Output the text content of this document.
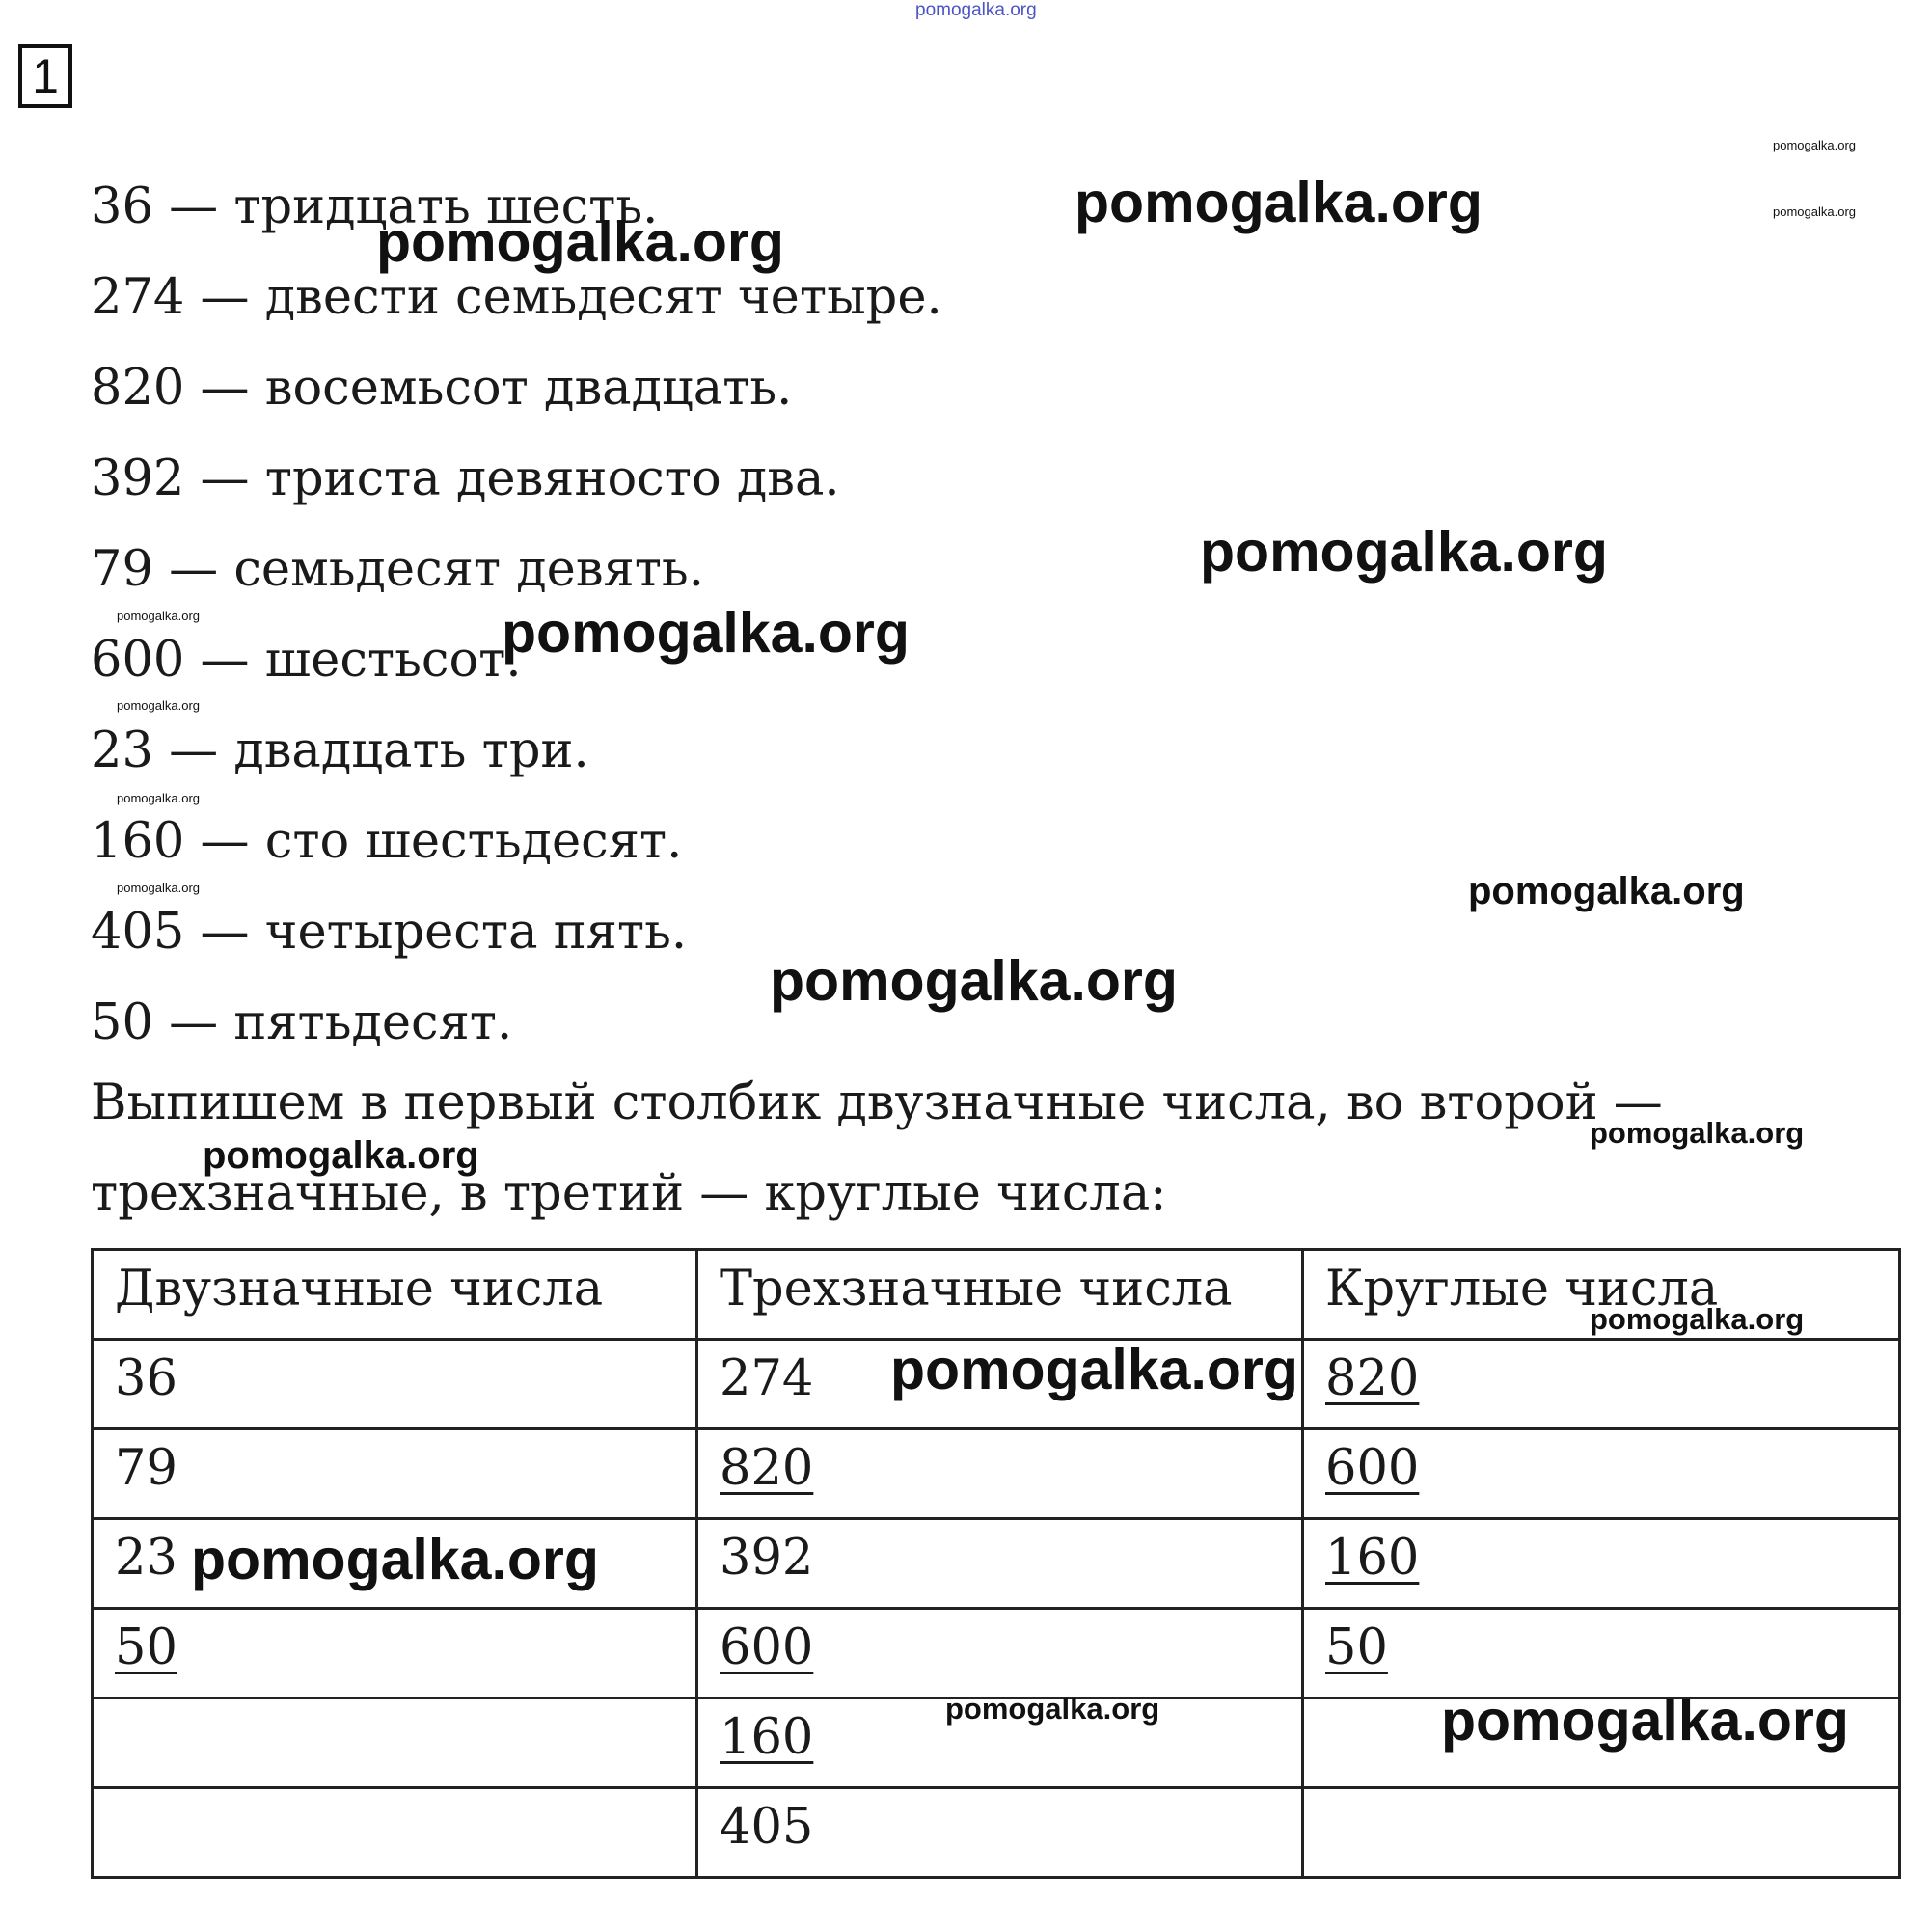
1
36 — тридцать шесть.
274 — двести семьдесят четыре.
820 — восемьсот двадцать.
392 — триста девяносто два.
79 — семьдесят девять.
600 — шестьсот.
23 — двадцать три.
160 — сто шестьдесят.
405 — четыреста пять.
50 — пятьдесят.
Выпишем в первый столбик двузначные числа, во второй — трехзначные, в третий — круглые числа:
Двузначные числа	Трехзначные числа	Круглые числа
36	274	820
79	820	600
23	392	160
50	600	50
	160	
	405	
pomogalka.org
pomogalka.org
pomogalka.org
pomogalka.org
pomogalka.org
pomogalka.org
pomogalka.org	pomogalka.org
pomogalka.org
pomogalka.org
pomogalka.org	pomogalka.org
pomogalka.org
pomogalka.org
pomogalka.org
pomogalka.org
pomogalka.org
pomogalka.org
pomogalka.org	pomogalka.org
